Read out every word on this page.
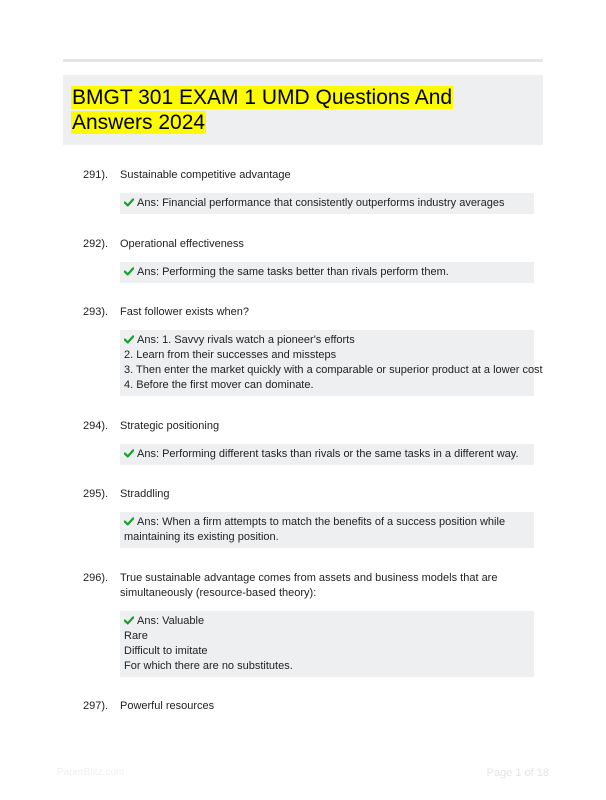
BMGT 301 EXAM 1 UMD Questions And Answers 2024
291). Sustainable competitive advantage
Ans: Financial performance that consistently outperforms industry averages
292). Operational effectiveness
Ans: Performing the same tasks better than rivals perform them.
293). Fast follower exists when?
Ans: 1. Savvy rivals watch a pioneer's efforts
2. Learn from their successes and missteps
3. Then enter the market quickly with a comparable or superior product at a lower cost
4. Before the first mover can dominate.
294). Strategic positioning
Ans: Performing different tasks than rivals or the same tasks in a different way.
295). Straddling
Ans: When a firm attempts to match the benefits of a success position while maintaining its existing position.
296). True sustainable advantage comes from assets and business models that are simultaneously (resource-based theory):
Ans: Valuable
Rare
Difficult to imitate
For which there are no substitutes.
297). Powerful resources
PaperBlitz.com	Page 1 of 18
